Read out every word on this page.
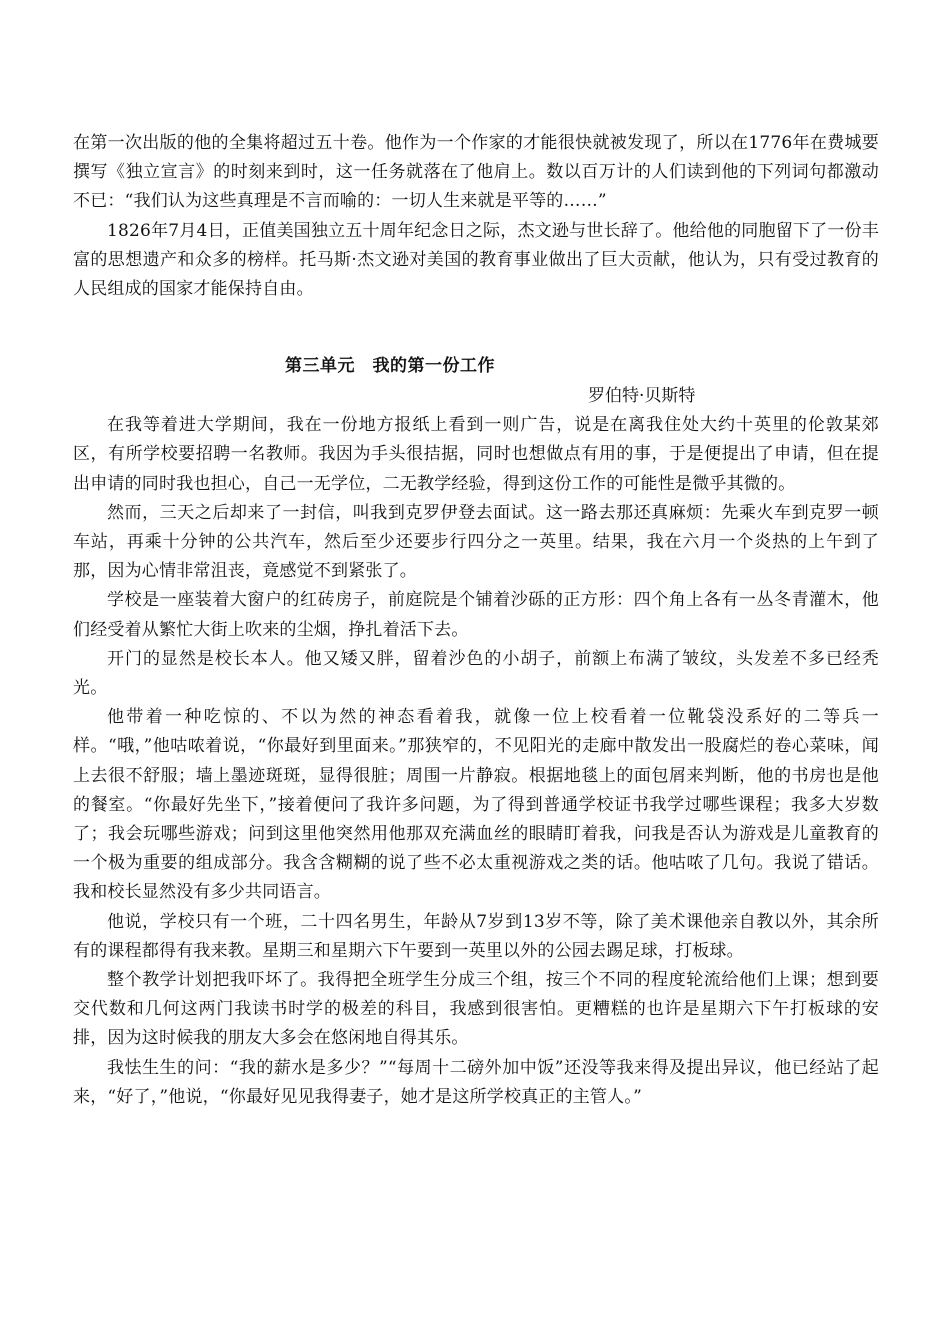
在第一次出版的他的全集将超过五十卷。他作为一个作家的才能很快就被发现了，所以在1776年在费城要撰写《独立宣言》的时刻来到时，这一任务就落在了他肩上。数以百万计的人们读到他的下列词句都激动不已：“我们认为这些真理是不言而喻的：一切人生来就是平等的……”

1826年7月4日，正值美国独立五十周年纪念日之际，杰文逊与世长辞了。他给他的同胞留下了一份丰富的思想遗产和众多的榜样。托马斯·杰文逊对美国的教育事业做出了巨大贡献，他认为，只有受过教育的人民组成的国家才能保持自由。

第三单元　我的第一份工作

罗伯特·贝斯特

在我等着进大学期间，我在一份地方报纸上看到一则广告，说是在离我住处大约十英里的伦敦某郊区，有所学校要招聘一名教师。我因为手头很拮据，同时也想做点有用的事，于是便提出了申请，但在提出申请的同时我也担心，自己一无学位，二无教学经验，得到这份工作的可能性是微乎其微的。

然而，三天之后却来了一封信，叫我到克罗伊登去面试。这一路去那还真麻烦：先乘火车到克罗一顿车站，再乘十分钟的公共汽车，然后至少还要步行四分之一英里。结果，我在六月一个炎热的上午到了那，因为心情非常沮丧，竟感觉不到紧张了。

学校是一座装着大窗户的红砖房子，前庭院是个铺着沙砾的正方形：四个角上各有一丛冬青灌木，他们经受着从繁忙大街上吹来的尘烟，挣扎着活下去。

开门的显然是校长本人。他又矮又胖，留着沙色的小胡子，前额上布满了皱纹，头发差不多已经秃光。

他带着一种吃惊的、不以为然的神态看着我，就像一位上校看着一位靴袋没系好的二等兵一样。“哦，”他咕哝着说，“你最好到里面来。”那狭窄的，不见阳光的走廊中散发出一股腐烂的卷心菜味，闻上去很不舒服；墙上墨迹斑斑，显得很脏；周围一片静寂。根据地毯上的面包屑来判断，他的书房也是他的餐室。“你最好先坐下，”接着便问了我许多问题，为了得到普通学校证书我学过哪些课程；我多大岁数了；我会玩哪些游戏；问到这里他突然用他那双充满血丝的眼睛盯着我，问我是否认为游戏是儿童教育的一个极为重要的组成部分。我含含糊糊的说了些不必太重视游戏之类的话。他咕哝了几句。我说了错话。我和校长显然没有多少共同语言。

他说，学校只有一个班，二十四名男生，年龄从7岁到13岁不等，除了美术课他亲自教以外，其余所有的课程都得有我来教。星期三和星期六下午要到一英里以外的公园去踢足球，打板球。

整个教学计划把我吓坏了。我得把全班学生分成三个组，按三个不同的程度轮流给他们上课；想到要交代数和几何这两门我读书时学的极差的科目，我感到很害怕。更糟糕的也许是星期六下午打板球的安排，因为这时候我的朋友大多会在悠闲地自得其乐。

我怯生生的问：“我的薪水是多少？”“每周十二磅外加中饭”还没等我来得及提出异议，他已经站了起来，“好了，”他说，“你最好见见我得妻子，她才是这所学校真正的主管人。”
